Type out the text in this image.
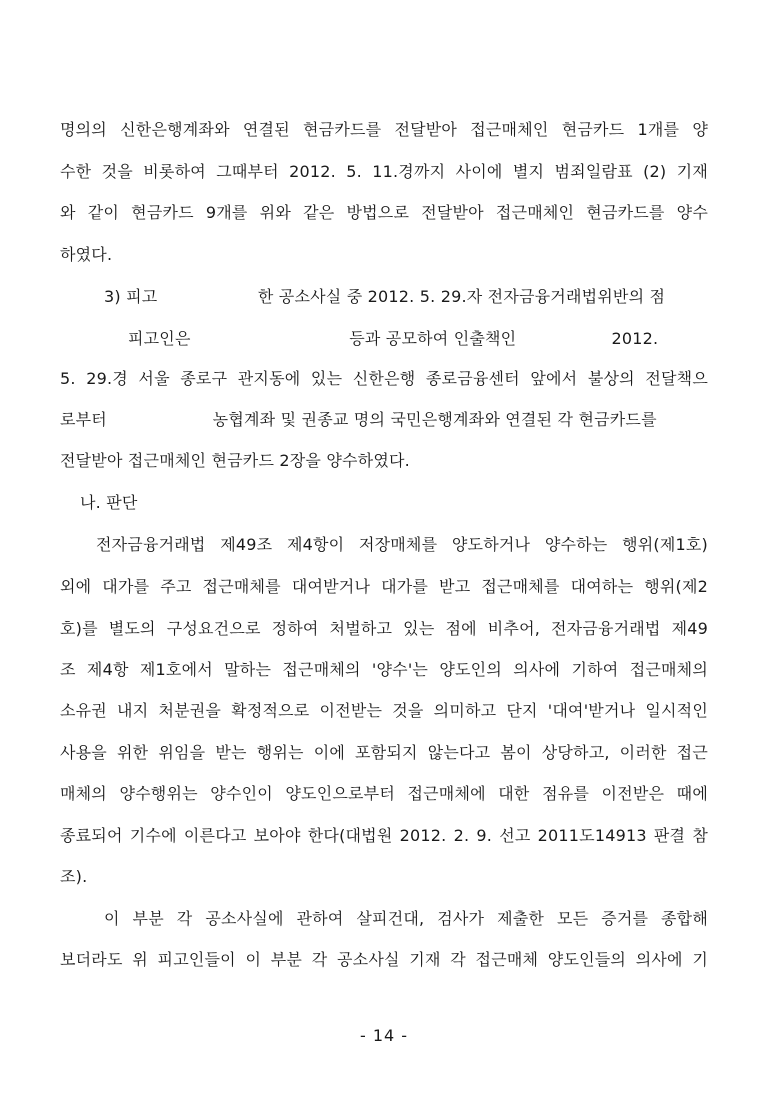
명의의 신한은행계좌와 연결된 현금카드를 전달받아 접근매체인 현금카드 1개를 양
수한 것을 비롯하여 그때부터 2012. 5. 11.경까지 사이에 별지 범죄일람표 (2) 기재
와 같이 현금카드 9개를 위와 같은 방법으로 전달받아 접근매체인 현금카드를 양수
하였다.
3) 피고                   한 공소사실 중 2012. 5. 29.자 전자금융거래법위반의 점
피고인은                              등과 공모하여 인출책인                  2012.
5. 29.경 서울 종로구 관지동에 있는 신한은행 종로금융센터 앞에서 불상의 전달책으
로부터                    농협계좌 및 권종교 명의 국민은행계좌와 연결된 각 현금카드를
전달받아 접근매체인 현금카드 2장을 양수하였다.
나. 판단
전자금융거래법 제49조 제4항이 저장매체를 양도하거나 양수하는 행위(제1호)
외에 대가를 주고 접근매체를 대여받거나 대가를 받고 접근매체를 대여하는 행위(제2
호)를 별도의 구성요건으로 정하여 처벌하고 있는 점에 비추어, 전자금융거래법 제49
조 제4항 제1호에서 말하는 접근매체의 '양수'는 양도인의 의사에 기하여 접근매체의
소유권 내지 처분권을 확정적으로 이전받는 것을 의미하고 단지 '대여'받거나 일시적인
사용을 위한 위임을 받는 행위는 이에 포함되지 않는다고 봄이 상당하고, 이러한 접근
매체의 양수행위는 양수인이 양도인으로부터 접근매체에 대한 점유를 이전받은 때에
종료되어 기수에 이른다고 보아야 한다(대법원 2012. 2. 9. 선고 2011도14913 판결 참
조).
이 부분 각 공소사실에 관하여 살피건대, 검사가 제출한 모든 증거를 종합해
보더라도 위 피고인들이 이 부분 각 공소사실 기재 각 접근매체 양도인들의 의사에 기
- 14 -
